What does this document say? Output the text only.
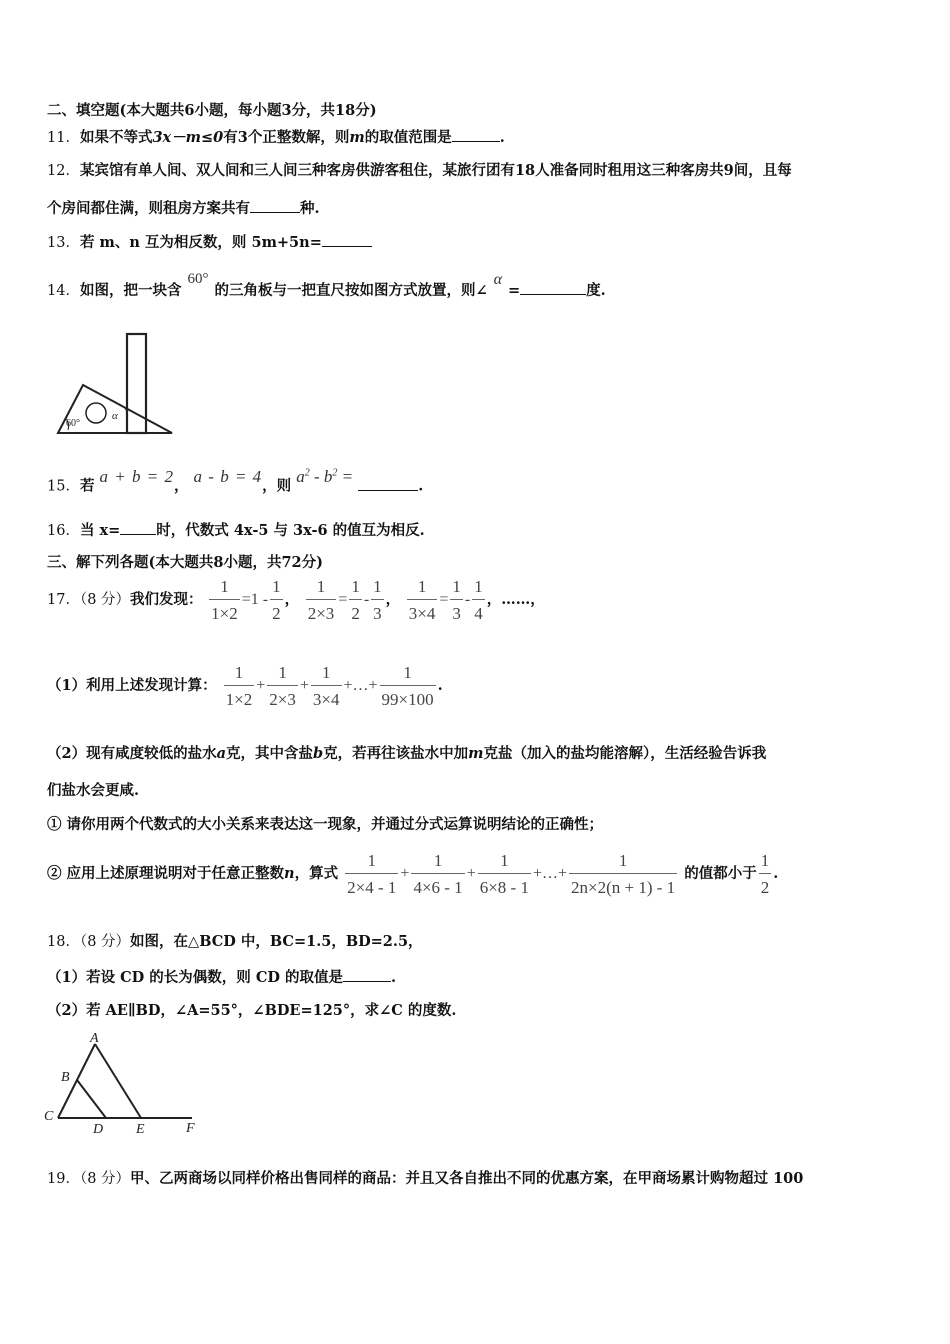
二、填空题(本大题共6小题，每小题3分，共18分)
11．如果不等式3x－m≤0有3个正整数解，则m的取值范围是	.
12．某宾馆有单人间、双人间和三人间三种客房供游客租住，某旅行团有18人准备同时租用这三种客房共9间，且每
个房间都住满，则租房方案共有	种.
13．若 m、n 互为相反数，则 5m+5n=
14．如图，把一块含60°的三角板与一把直尺按如图方式放置，则∠α=	度.
60°
α
15．若 a + b = 2， a - b = 4，则 $a^2 - b^2$ = .
16．当 x= 时，代数式 4x-5 与 3x-6 的值互为相反.
三、解下列各题(本大题共8小题，共72分)
17．（8 分）我们发现： $\frac{1}{1\times 2} =1 - \frac{1}{2}$ ， $\frac{1}{2\times 3} = \frac{1}{2} - \frac{1}{3}$ ， $\frac{1}{3\times 4} = \frac{1}{3} - \frac{1}{4}$ ，……，
（1）利用上述发现计算： $\frac{1}{1\times 2} + \frac{1}{2\times 3} + \frac{1}{3\times 4}$ +…+ $\frac{1}{99\times 100}$ .
（2）现有咸度较低的盐水a克，其中含盐b克，若再往该盐水中加m克盐（加入的盐均能溶解），生活经验告诉我
们盐水会更咸.
① 请你用两个代数式的大小关系来表达这一现象，并通过分式运算说明结论的正确性；
② 应用上述原理说明对于任意正整数n，算式 $\frac{1}{2\times 4 - 1} + \frac{1}{4\times 6 - 1} + \frac{1}{6\times 8 - 1}$ +…+ $\frac{1}{2n\times 2(n + 1) - 1}$ 的值都小于 $\frac{1}{2}$ .
18．（8 分）如图，在△BCD 中，BC=1.5，BD=2.5，
（1）若设 CD 的长为偶数，则 CD 的取值是	.
（2）若 AE∥BD，∠A=55°，∠BDE=125°，求∠C 的度数.
A
B
C
D E	F
19．（8 分）甲、乙两商场以同样价格出售同样的商品：并且又各自推出不同的优惠方案，在甲商场累计购物超过 100
